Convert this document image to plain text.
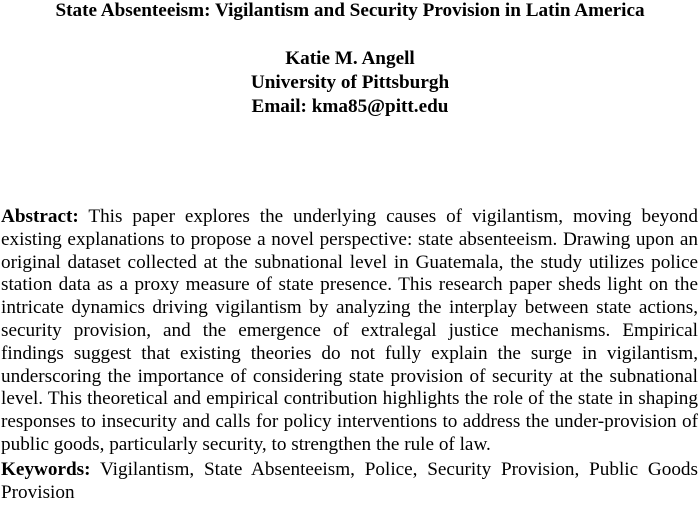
State Absenteeism: Vigilantism and Security Provision in Latin America

Katie M. Angell

University of Pittsburgh

Email: kma85@pitt.edu

Abstract: This paper explores the underlying causes of vigilantism, moving beyond existing explanations to propose a novel perspective: state absenteeism. Drawing upon an original dataset collected at the subnational level in Guatemala, the study utilizes police station data as a proxy measure of state presence. This research paper sheds light on the intricate dynamics driving vigilantism by analyzing the interplay between state actions, security provision, and the emergence of extralegal justice mechanisms. Empirical findings suggest that existing theories do not fully explain the surge in vigilantism, underscoring the importance of considering state provision of security at the subnational level. This theoretical and empirical contribution highlights the role of the state in shaping responses to insecurity and calls for policy interventions to address the under-provision of public goods, particularly security, to strengthen the rule of law.

Keywords: Vigilantism, State Absenteeism, Police, Security Provision, Public Goods Provision
